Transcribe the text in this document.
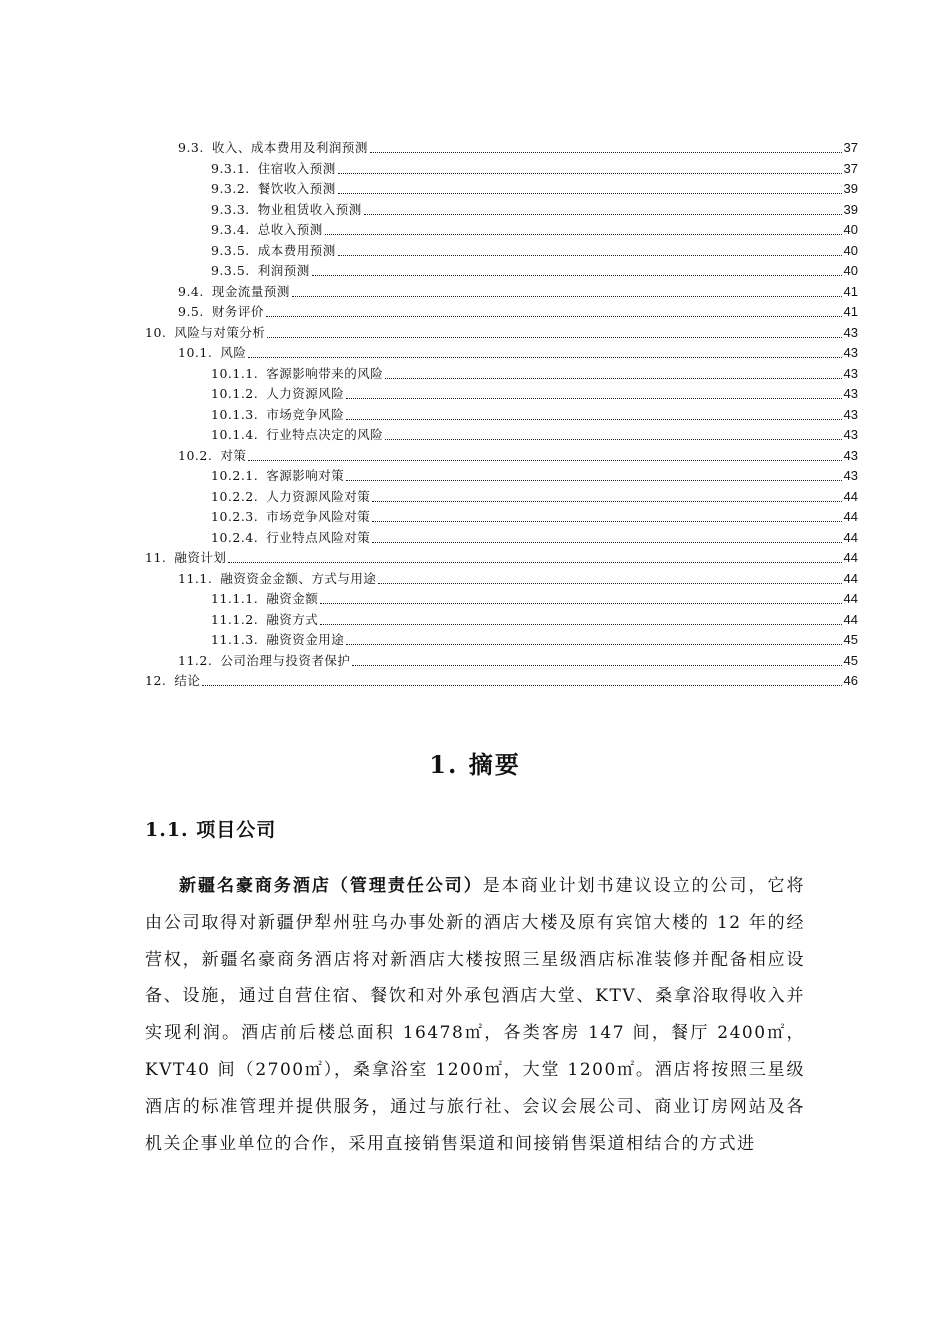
9.3. 收入、成本费用及利润预测	37
9.3.1. 住宿收入预测	37
9.3.2. 餐饮收入预测	39
9.3.3. 物业租赁收入预测	39
9.3.4. 总收入预测	40
9.3.5. 成本费用预测	40
9.3.5. 利润预测	40
9.4. 现金流量预测	41
9.5. 财务评价	41
10. 风险与对策分析	43
10.1. 风险	43
10.1.1. 客源影响带来的风险	43
10.1.2. 人力资源风险	43
10.1.3. 市场竞争风险	43
10.1.4. 行业特点决定的风险	43
10.2. 对策	43
10.2.1. 客源影响对策	43
10.2.2. 人力资源风险对策	44
10.2.3. 市场竞争风险对策	44
10.2.4. 行业特点风险对策	44
11. 融资计划	44
11.1. 融资资金金额、方式与用途	44
11.1.1. 融资金额	44
11.1.2. 融资方式	44
11.1.3. 融资资金用途	45
11.2. 公司治理与投资者保护	45
12. 结论	46
1. 摘要
1.1. 项目公司

新疆名豪商务酒店（管理责任公司）是本商业计划书建议设立的公司，它将由公司取得对新疆伊犁州驻乌办事处新的酒店大楼及原有宾馆大楼的 12 年的经营权，新疆名豪商务酒店将对新酒店大楼按照三星级酒店标准装修并配备相应设备、设施，通过自营住宿、餐饮和对外承包酒店大堂、KTV、桑拿浴取得收入并实现利润。酒店前后楼总面积 16478㎡，各类客房 147 间，餐厅 2400㎡，KVT40 间（2700㎡），桑拿浴室 1200㎡，大堂 1200㎡。酒店将按照三星级酒店的标准管理并提供服务，通过与旅行社、会议会展公司、商业订房网站及各机关企事业单位的合作，采用直接销售渠道和间接销售渠道相结合的方式进
